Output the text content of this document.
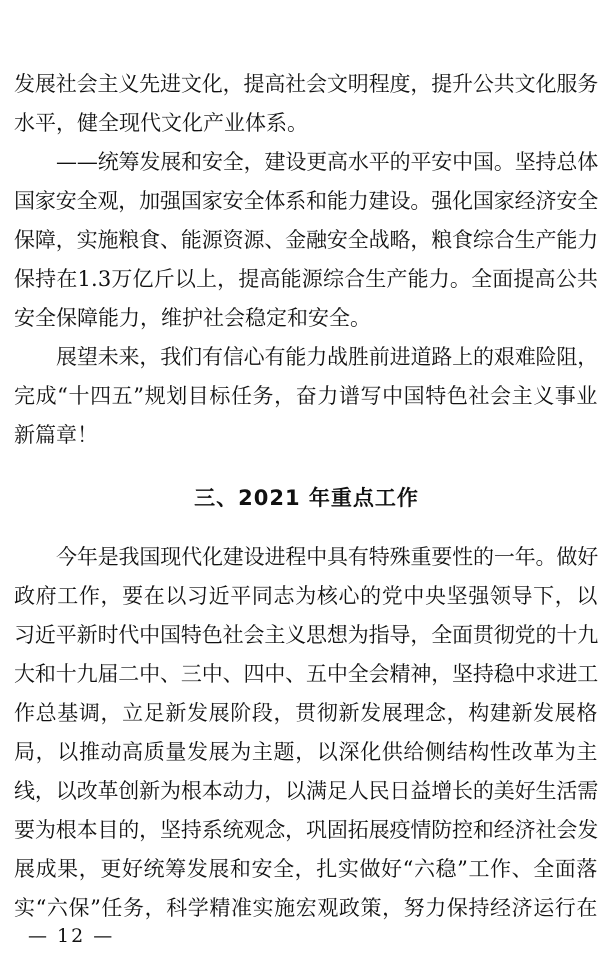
发展社会主义先进文化，提高社会文明程度，提升公共文化服务
水平，健全现代文化产业体系。
——统筹发展和安全，建设更高水平的平安中国。坚持总体
国家安全观，加强国家安全体系和能力建设。强化国家经济安全
保障，实施粮食、能源资源、金融安全战略，粮食综合生产能力
保持在1.3万亿斤以上，提高能源综合生产能力。全面提高公共
安全保障能力，维护社会稳定和安全。
展望未来，我们有信心有能力战胜前进道路上的艰难险阻，
完成“十四五”规划目标任务，奋力谱写中国特色社会主义事业
新篇章！
三、2021 年重点工作
今年是我国现代化建设进程中具有特殊重要性的一年。做好
政府工作，要在以习近平同志为核心的党中央坚强领导下，以
习近平新时代中国特色社会主义思想为指导，全面贯彻党的十九
大和十九届二中、三中、四中、五中全会精神，坚持稳中求进工
作总基调，立足新发展阶段，贯彻新发展理念，构建新发展格
局，以推动高质量发展为主题，以深化供给侧结构性改革为主
线，以改革创新为根本动力，以满足人民日益增长的美好生活需
要为根本目的，坚持系统观念，巩固拓展疫情防控和经济社会发
展成果，更好统筹发展和安全，扎实做好“六稳”工作、全面落
实“六保”任务，科学精准实施宏观政策，努力保持经济运行在
— 12 —
